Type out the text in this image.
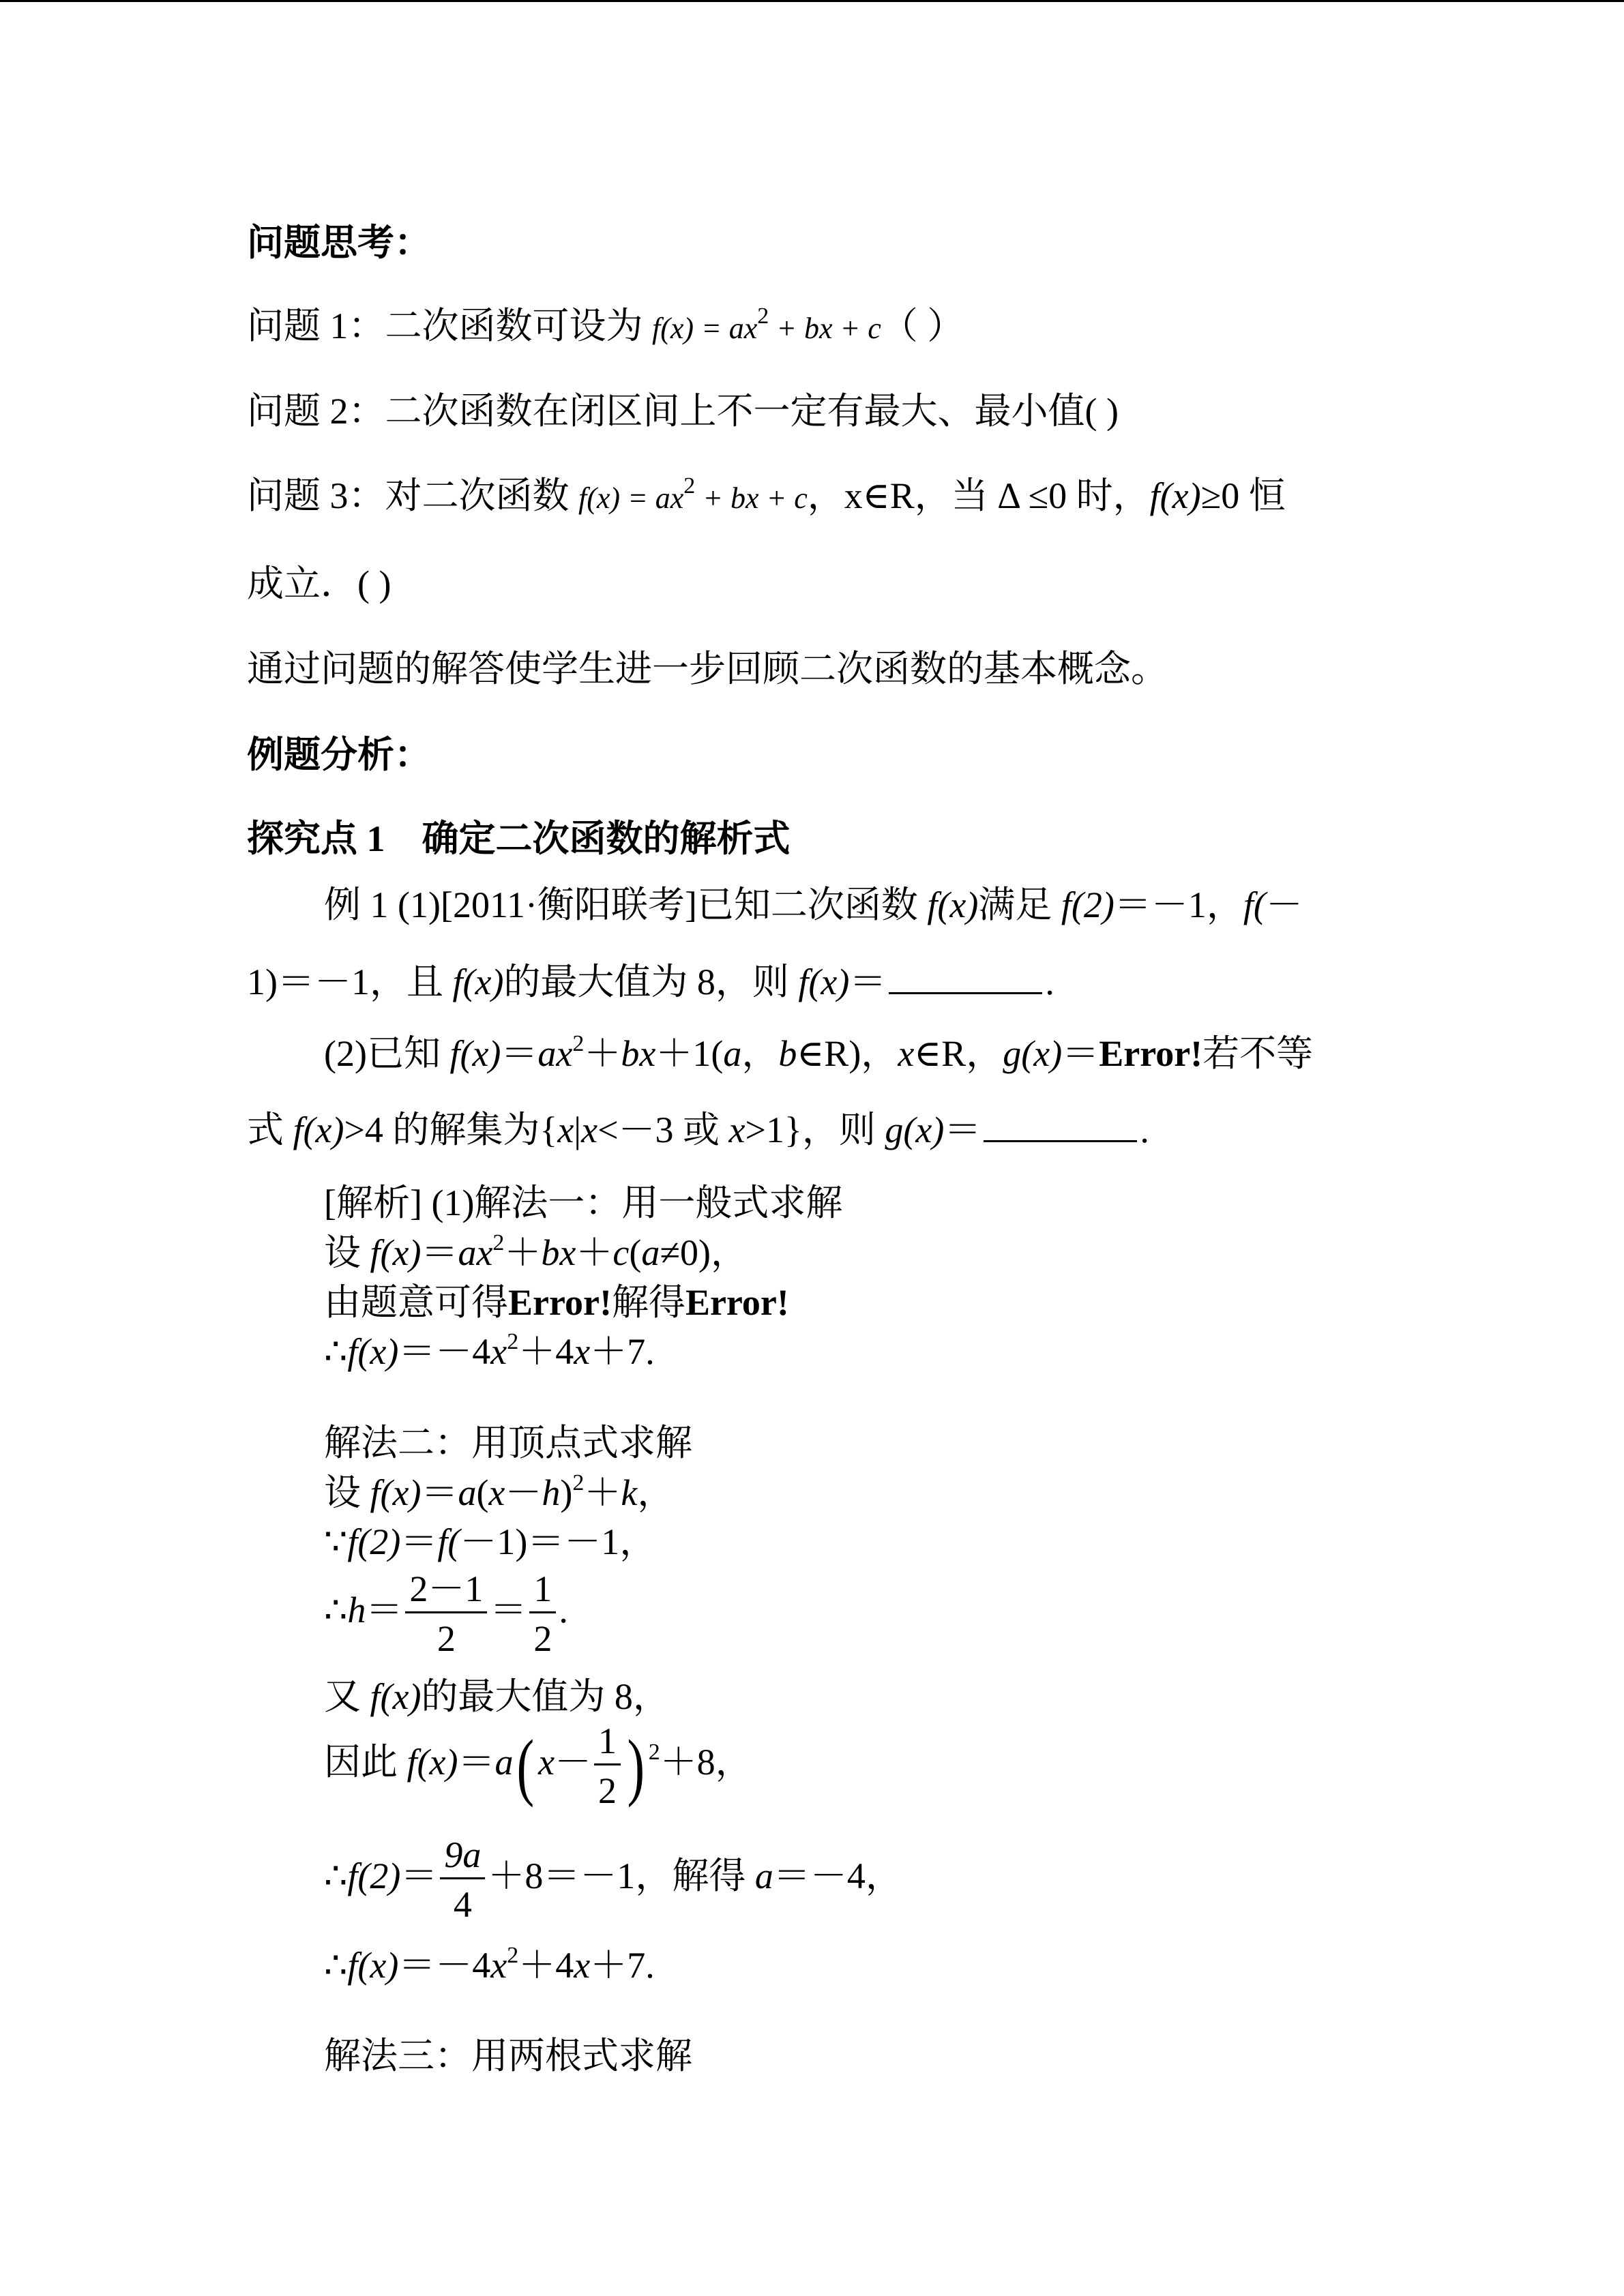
问题思考：
问题 1：二次函数可设为 $f(x) = ax^2$ + bx + c（ ）
问题 2：二次函数在闭区间上不一定有最大、最小值( )
问题 3：对二次函数 $f(x) = ax^2$ + bx + c，x∈R，当 Δ ≤0 时，f(x)≥0 恒
成立．( )
通过问题的解答使学生进一步回顾二次函数的基本概念。
例题分析：
探究点 1 确定二次函数的解析式
例 1 (1)[2011·衡阳联考]已知二次函数 f(x)满足 f(2)＝－1，f(－
1)＝－1，且 f(x)的最大值为 8，则 f(x)＝	.
(2)已知 $f(x)=ax^2+bx+1(a$，b∈R)，x∈R，g(x)＝Error!若不等
式 f(x)>4 的解集为{x|x<－3 或 x>1}，则 g(x)＝	.
[解析] (1)解法一：用一般式求解
设 $f(x)=ax^2+bx+c(a\ne 0)$，
由题意可得Error!解得Error!
$\therefore f(x)=-4x^2+4x+7$.
解法二：用顶点式求解
设 $f(x)=a(x-h)^2+k$，
∵f(2)＝f(－1)＝－1，
∴h＝ $\frac{2-1}{2} = \frac{1}{2}$ .
又 f(x)的最大值为 8，
因此 f(x)＝a( $x- \frac{1}{2}$ ) $^2$＋8，
∴f(2)＝ $\frac{9a}{4} +8=-1$，解得 a＝－4，
$\therefore f(x)=-4x^2+4x+7$.
解法三：用两根式求解
